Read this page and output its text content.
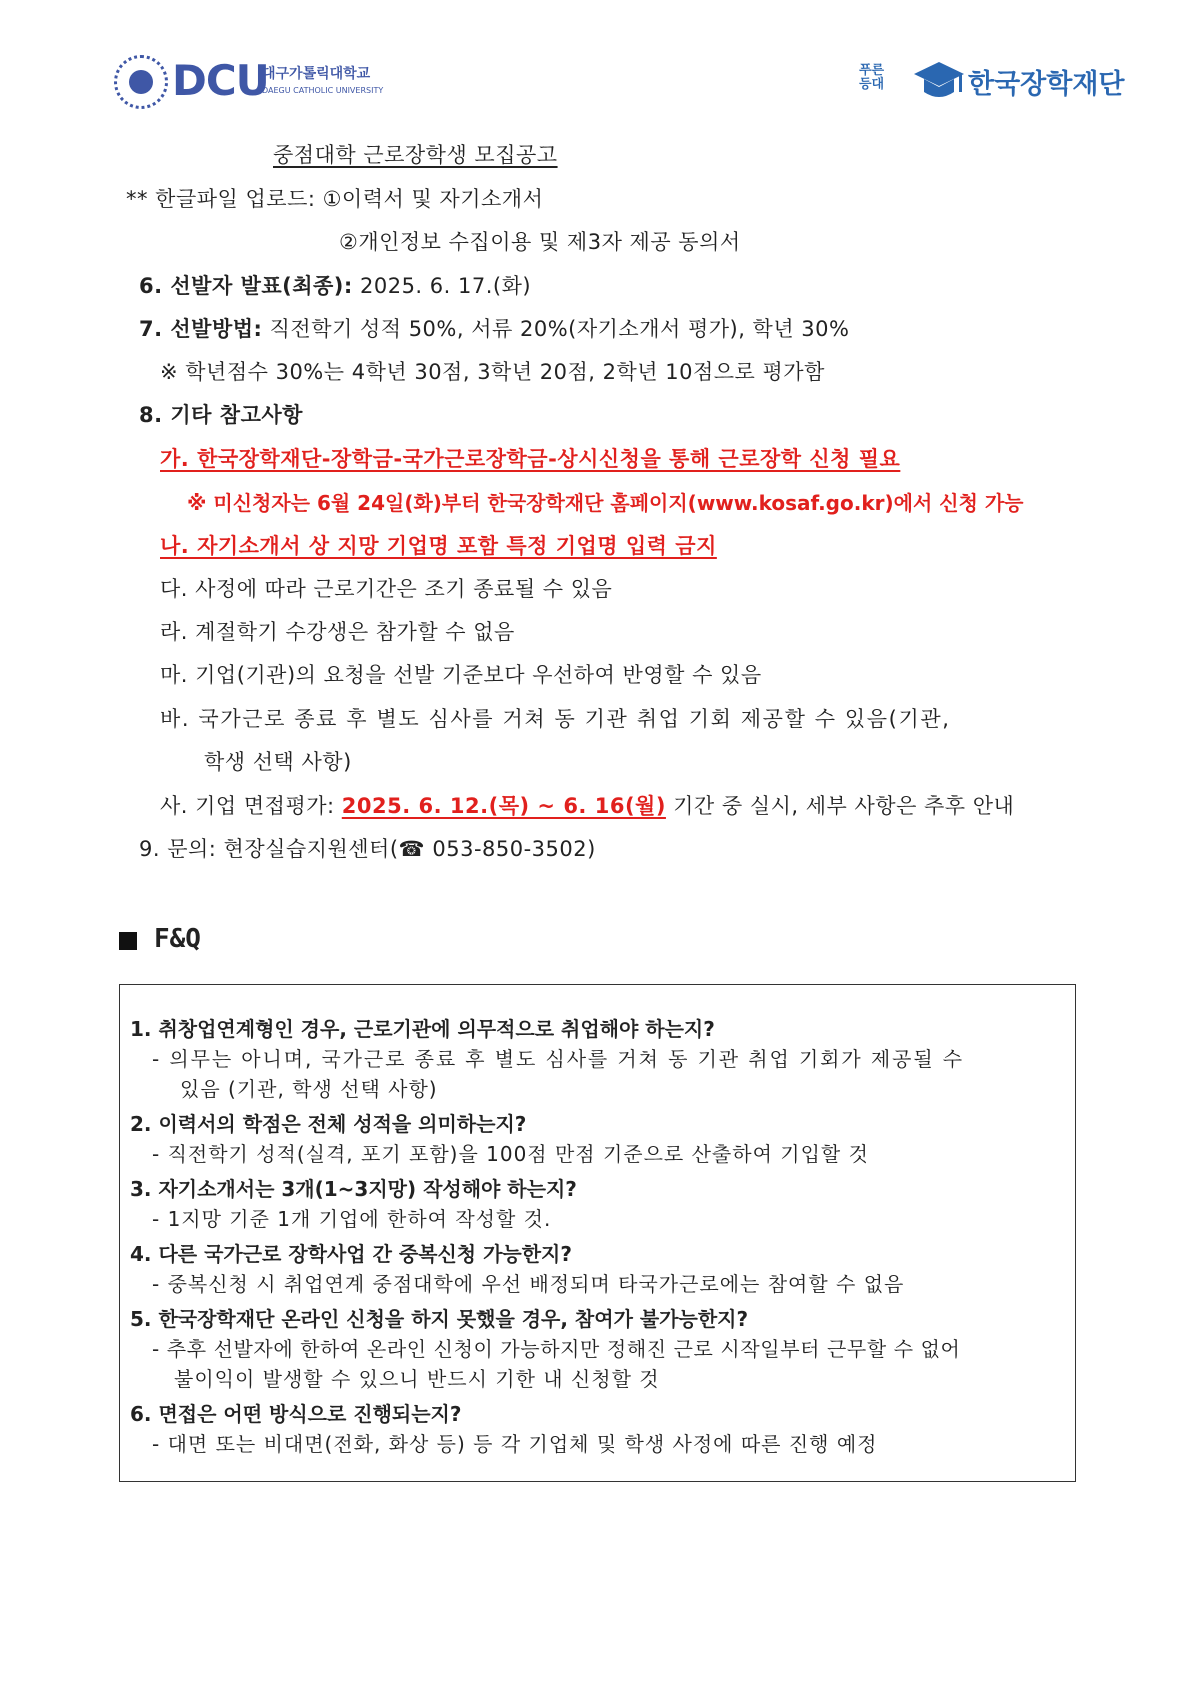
DCU
대구가톨릭대학교
DAEGU CATHOLIC UNIVERSITY
푸른등대	한국장학재단
중점대학 근로장학생 모집공고
** 한글파일 업로드: ①이력서 및 자기소개서
②개인정보 수집이용 및 제3자 제공 동의서
6. 선발자 발표(최종): 2025. 6. 17.(화)
7. 선발방법: 직전학기 성적 50%, 서류 20%(자기소개서 평가), 학년 30%
※ 학년점수 30%는 4학년 30점, 3학년 20점, 2학년 10점으로 평가함
8. 기타 참고사항
가. 한국장학재단-장학금-국가근로장학금-상시신청을 통해 근로장학 신청 필요
※ 미신청자는 6월 24일(화)부터 한국장학재단 홈페이지(www.kosaf.go.kr)에서 신청 가능
나. 자기소개서 상 지망 기업명 포함 특정 기업명 입력 금지
다. 사정에 따라 근로기간은 조기 종료될 수 있음
라. 계절학기 수강생은 참가할 수 없음
마. 기업(기관)의 요청을 선발 기준보다 우선하여 반영할 수 있음
바. 국가근로 종료 후 별도 심사를 거쳐 동 기관 취업 기회 제공할 수 있음(기관,
학생 선택 사항)
사. 기업 면접평가: 2025. 6. 12.(목) ~ 6. 16(월) 기간 중 실시, 세부 사항은 추후 안내
9. 문의: 현장실습지원센터(☎ 053-850-3502)
F&Q
1. 취창업연계형인 경우, 근로기관에 의무적으로 취업해야 하는지?
- 의무는 아니며, 국가근로 종료 후 별도 심사를 거쳐 동 기관 취업 기회가 제공될 수
있음 (기관, 학생 선택 사항)
2. 이력서의 학점은 전체 성적을 의미하는지?
- 직전학기 성적(실격, 포기 포함)을 100점 만점 기준으로 산출하여 기입할 것
3. 자기소개서는 3개(1~3지망) 작성해야 하는지?
- 1지망 기준 1개 기업에 한하여 작성할 것.
4. 다른 국가근로 장학사업 간 중복신청 가능한지?
- 중복신청 시 취업연계 중점대학에 우선 배정되며 타국가근로에는 참여할 수 없음
5. 한국장학재단 온라인 신청을 하지 못했을 경우, 참여가 불가능한지?
- 추후 선발자에 한하여 온라인 신청이 가능하지만 정해진 근로 시작일부터 근무할 수 없어
불이익이 발생할 수 있으니 반드시 기한 내 신청할 것
6. 면접은 어떤 방식으로 진행되는지?
- 대면 또는 비대면(전화, 화상 등) 등 각 기업체 및 학생 사정에 따른 진행 예정
